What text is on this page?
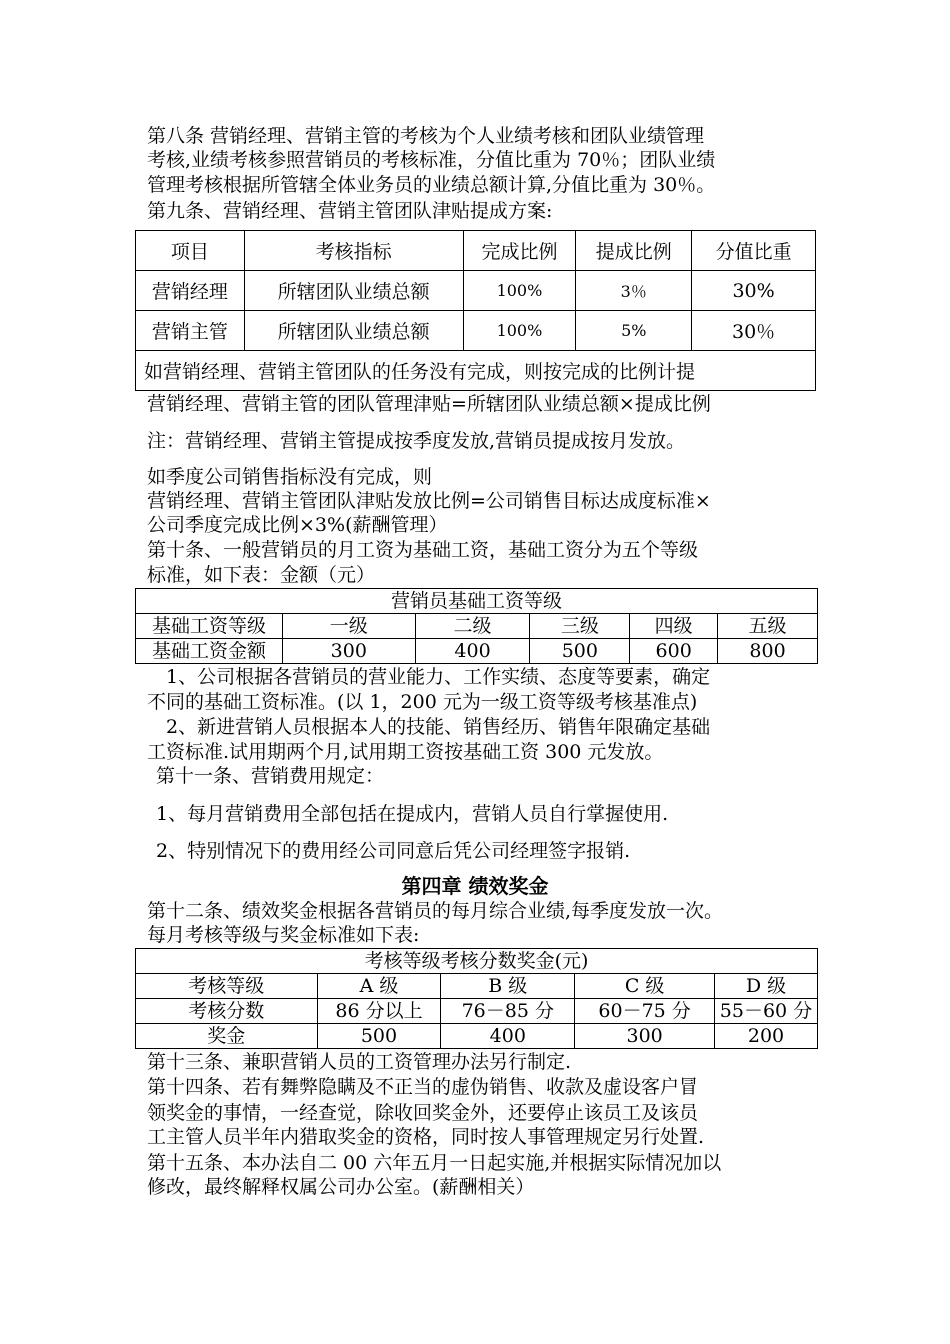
第八条 营销经理、营销主管的考核为个人业绩考核和团队业绩管理
考核,业绩考核参照营销员的考核标准，分值比重为 70％；团队业绩
管理考核根据所管辖全体业务员的业绩总额计算,分值比重为 30％。
第九条、营销经理、营销主管团队津贴提成方案:
项目	考核指标	完成比例	提成比例	分值比重
营销经理	所辖团队业绩总额	100%	3％	30%
营销主管	所辖团队业绩总额	100%	5%	30％
如营销经理、营销主管团队的任务没有完成，则按完成的比例计提				
营销经理、营销主管的团队管理津贴=所辖团队业绩总额×提成比例
注：营销经理、营销主管提成按季度发放,营销员提成按月发放。
如季度公司销售指标没有完成，则
营销经理、营销主管团队津贴发放比例=公司销售目标达成度标准×
公司季度完成比例×3%(薪酬管理）
第十条、一般营销员的月工资为基础工资，基础工资分为五个等级
标准，如下表：金额（元）
营销员基础工资等级					
基础工资等级	一级	二级	三级	四级	五级
基础工资金额	300	400	500	600	800
1、公司根据各营销员的营业能力、工作实绩、态度等要素，确定
不同的基础工资标准。(以 1，200 元为一级工资等级考核基准点)
2、新进营销人员根据本人的技能、销售经历、销售年限确定基础
工资标准.试用期两个月,试用期工资按基础工资 300 元发放。
第十一条、营销费用规定：
1、每月营销费用全部包括在提成内，营销人员自行掌握使用.
2、特别情况下的费用经公司同意后凭公司经理签字报销.
第四章 绩效奖金
第十二条、绩效奖金根据各营销员的每月综合业绩,每季度发放一次。
每月考核等级与奖金标准如下表:
考核等级考核分数奖金(元)				
考核等级	A 级	B 级	C 级	D 级
考核分数	86 分以上	76－85 分	60－75 分	55－60 分
奖金	500	400	300	200
第十三条、兼职营销人员的工资管理办法另行制定.
第十四条、若有舞弊隐瞒及不正当的虚伪销售、收款及虚设客户冒
领奖金的事情，一经查觉，除收回奖金外，还要停止该员工及该员
工主管人员半年内猎取奖金的资格，同时按人事管理规定另行处置.
第十五条、本办法自二 00 六年五月一日起实施,并根据实际情况加以
修改，最终解释权属公司办公室。(薪酬相关）
